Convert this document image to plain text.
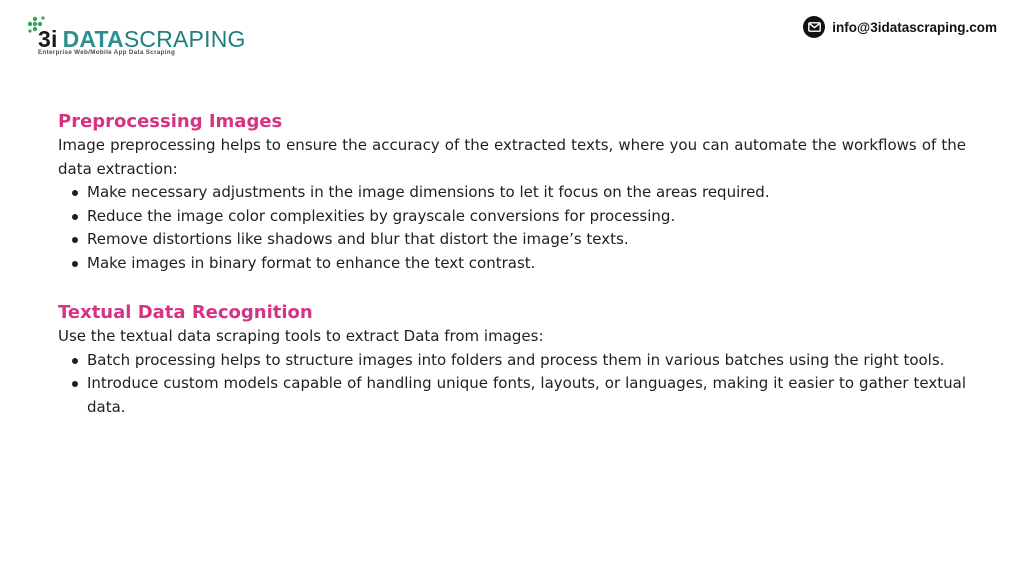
3i DATASCRAPING
Enterprise Web/Mobile App Data Scraping
info@3idatascraping.com
Preprocessing Images

Image preprocessing helps to ensure the accuracy of the extracted texts, where you can automate the workflows of the data extraction:

Make necessary adjustments in the image dimensions to let it focus on the areas required.
Reduce the image color complexities by grayscale conversions for processing.
Remove distortions like shadows and blur that distort the image’s texts.
Make images in binary format to enhance the text contrast.
Textual Data Recognition

Use the textual data scraping tools to extract Data from images:

Batch processing helps to structure images into folders and process them in various batches using the right tools.
Introduce custom models capable of handling unique fonts, layouts, or languages, making it easier to gather textual data.
